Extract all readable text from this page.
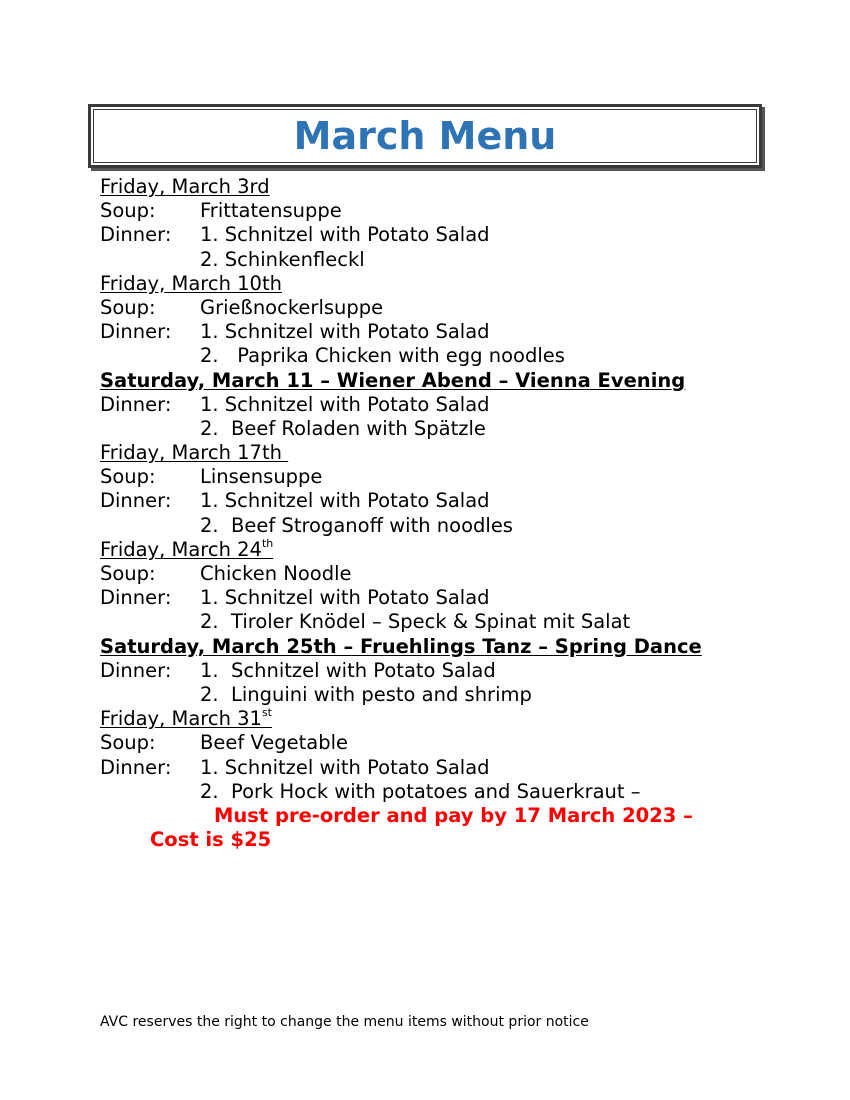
March Menu
Friday, March 3rd
Soup: Frittatensuppe
Dinner: 1. Schnitzel with Potato Salad
2. Schinkenfleckl
Friday, March 10th
Soup: Grießnockerlsuppe
Dinner: 1. Schnitzel with Potato Salad
2.   Paprika Chicken with egg noodles
Saturday, March 11 – Wiener Abend – Vienna Evening
Dinner: 1. Schnitzel with Potato Salad
2.  Beef Roladen with Spätzle
Friday, March 17th
Soup: Linsensuppe
Dinner: 1. Schnitzel with Potato Salad
2.  Beef Stroganoff with noodles
Friday, March 24th
Soup: Chicken Noodle
Dinner: 1. Schnitzel with Potato Salad
2.  Tiroler Knödel – Speck & Spinat mit Salat
Saturday, March 25th – Fruehlings Tanz – Spring Dance
Dinner: 1.  Schnitzel with Potato Salad
2.  Linguini with pesto and shrimp
Friday, March 31st
Soup: Beef Vegetable
Dinner: 1. Schnitzel with Potato Salad
2.  Pork Hock with potatoes and Sauerkraut –
Must pre-order and pay by 17 March 2023 –
Cost is $25
AVC reserves the right to change the menu items without prior notice
